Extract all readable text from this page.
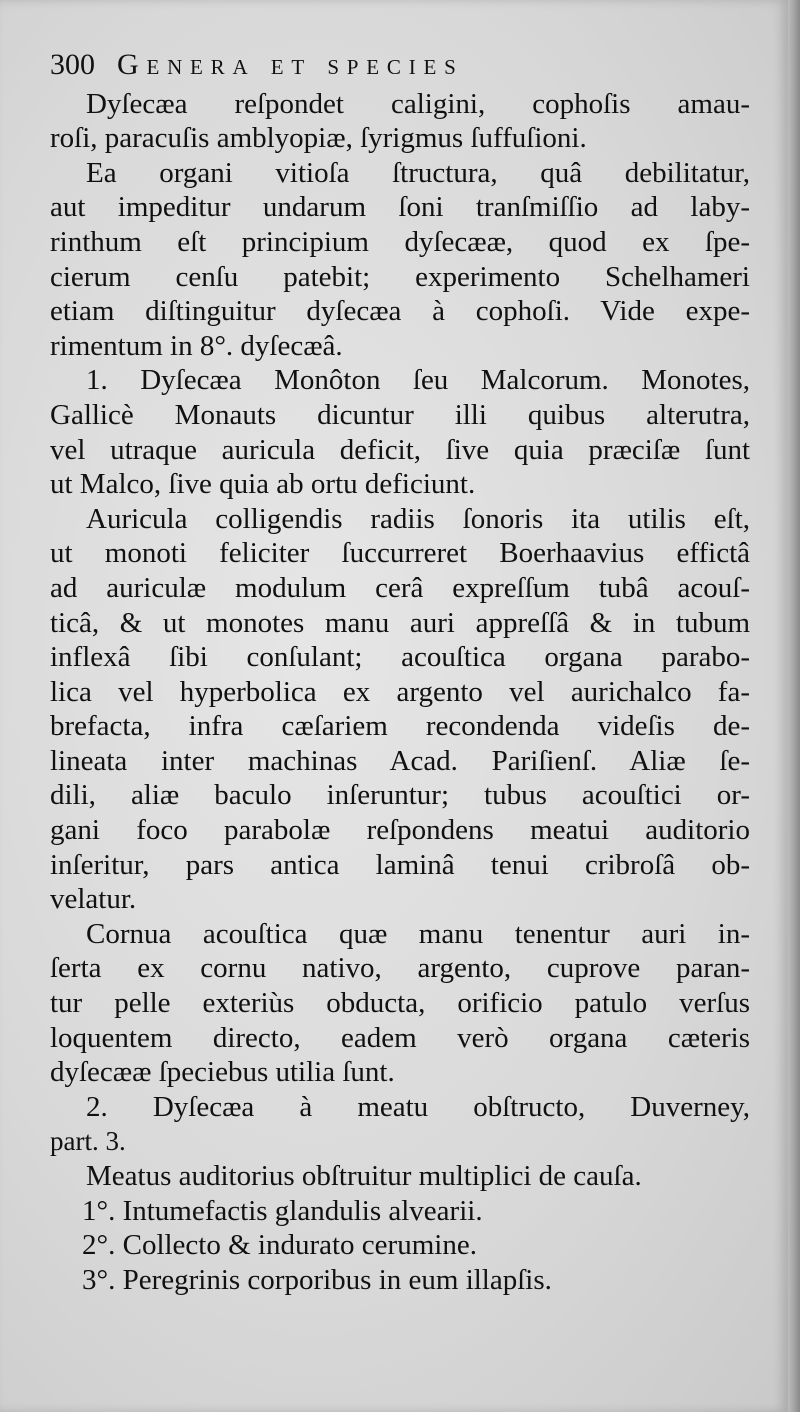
300 Genera et species
Dyſecæa reſpondet caligini, cophoſis amau-
roſi, paracuſis amblyopiæ, ſyrigmus ſuffuſioni.
Ea organi vitioſa ſtructura, quâ debilitatur,
aut impeditur undarum ſoni tranſmiſſio ad laby-
rinthum eſt principium dyſecææ, quod ex ſpe-
cierum cenſu patebit; experimento Schelhameri
etiam diſtinguitur dyſecæa à cophoſi. Vide expe-
rimentum in 8°. dyſecæâ.
1. Dyſecæa Monôton ſeu Malcorum. Monotes,
Gallicè Monauts dicuntur illi quibus alterutra,
vel utraque auricula deficit, ſive quia præciſæ ſunt
ut Malco, ſive quia ab ortu deficiunt.
Auricula colligendis radiis ſonoris ita utilis eſt,
ut monoti feliciter ſuccurreret Boerhaavius effictâ
ad auriculæ modulum cerâ expreſſum tubâ acouſ-
ticâ, & ut monotes manu auri appreſſâ & in tubum
inflexâ ſibi conſulant; acouſtica organa parabo-
lica vel hyperbolica ex argento vel aurichalco fa-
brefacta, infra cæſariem recondenda videſis de-
lineata inter machinas Acad. Pariſienſ. Aliæ ſe-
dili, aliæ baculo inſeruntur; tubus acouſtici or-
gani foco parabolæ reſpondens meatui auditorio
inſeritur, pars antica laminâ tenui cribroſâ ob-
velatur.
Cornua acouſtica quæ manu tenentur auri in-
ſerta ex cornu nativo, argento, cuprove paran-
tur pelle exteriùs obducta, orificio patulo verſus
loquentem directo, eadem verò organa cæteris
dyſecææ ſpeciebus utilia ſunt.
2. Dyſecæa à meatu obſtructo, Duverney,
part. 3.
Meatus auditorius obſtruitur multiplici de cauſa.
1°. Intumefactis glandulis alvearii.
2°. Collecto & indurato cerumine.
3°. Peregrinis corporibus in eum illapſis.
